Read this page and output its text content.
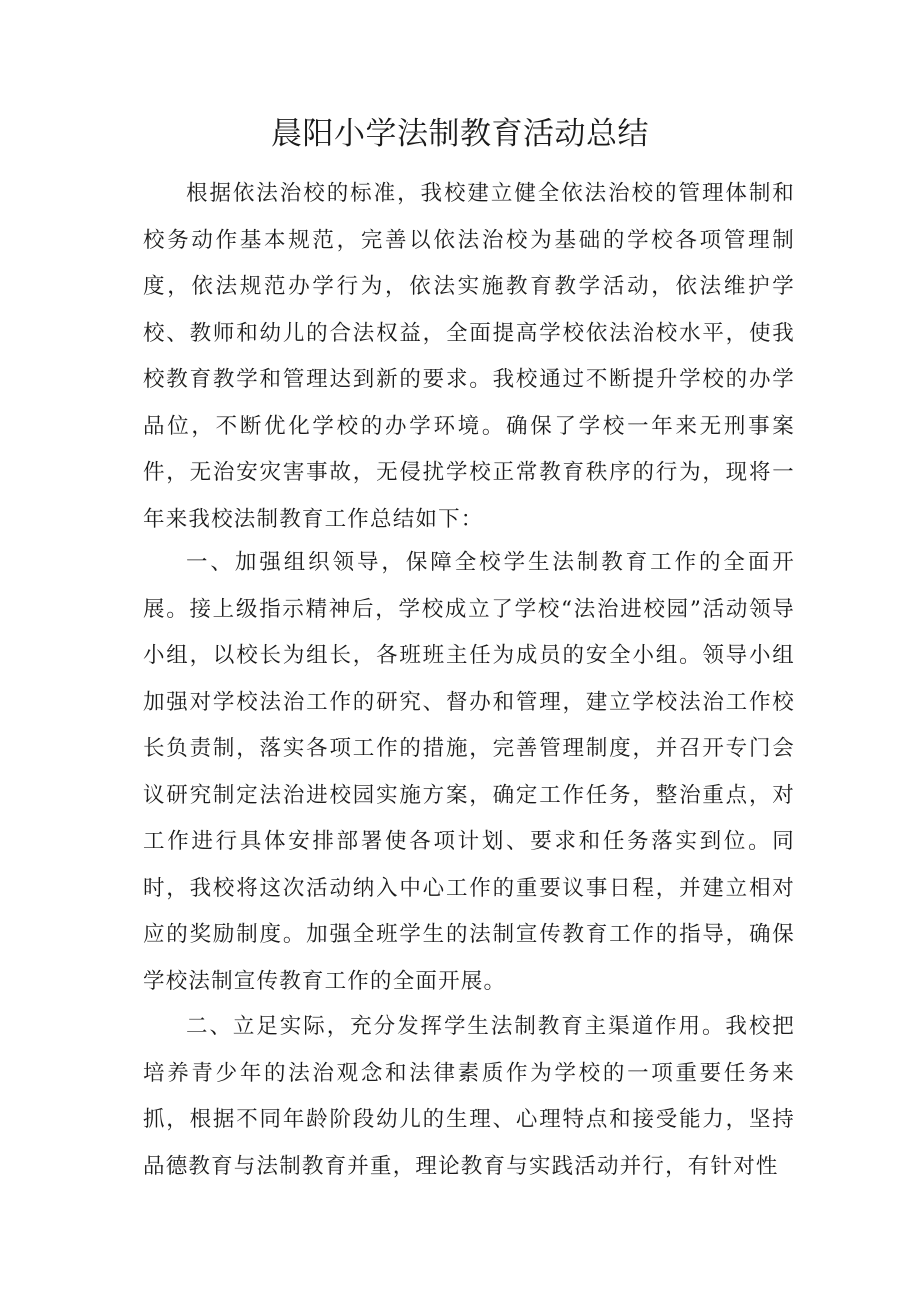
晨阳小学法制教育活动总结

根据依法治校的标准，我校建立健全依法治校的管理体制和校务动作基本规范，完善以依法治校为基础的学校各项管理制度，依法规范办学行为，依法实施教育教学活动，依法维护学校、教师和幼儿的合法权益，全面提高学校依法治校水平，使我校教育教学和管理达到新的要求。我校通过不断提升学校的办学品位，不断优化学校的办学环境。确保了学校一年来无刑事案件，无治安灾害事故，无侵扰学校正常教育秩序的行为，现将一年来我校法制教育工作总结如下：

一、加强组织领导，保障全校学生法制教育工作的全面开展。接上级指示精神后，学校成立了学校“法治进校园”活动领导小组，以校长为组长，各班班主任为成员的安全小组。领导小组加强对学校法治工作的研究、督办和管理，建立学校法治工作校长负责制，落实各项工作的措施，完善管理制度，并召开专门会议研究制定法治进校园实施方案，确定工作任务，整治重点，对工作进行具体安排部署使各项计划、要求和任务落实到位。同时，我校将这次活动纳入中心工作的重要议事日程，并建立相对应的奖励制度。加强全班学生的法制宣传教育工作的指导，确保学校法制宣传教育工作的全面开展。

二、立足实际，充分发挥学生法制教育主渠道作用。我校把培养青少年的法治观念和法律素质作为学校的一项重要任务来抓，根据不同年龄阶段幼儿的生理、心理特点和接受能力，坚持品德教育与法制教育并重，理论教育与实践活动并行，有针对性
